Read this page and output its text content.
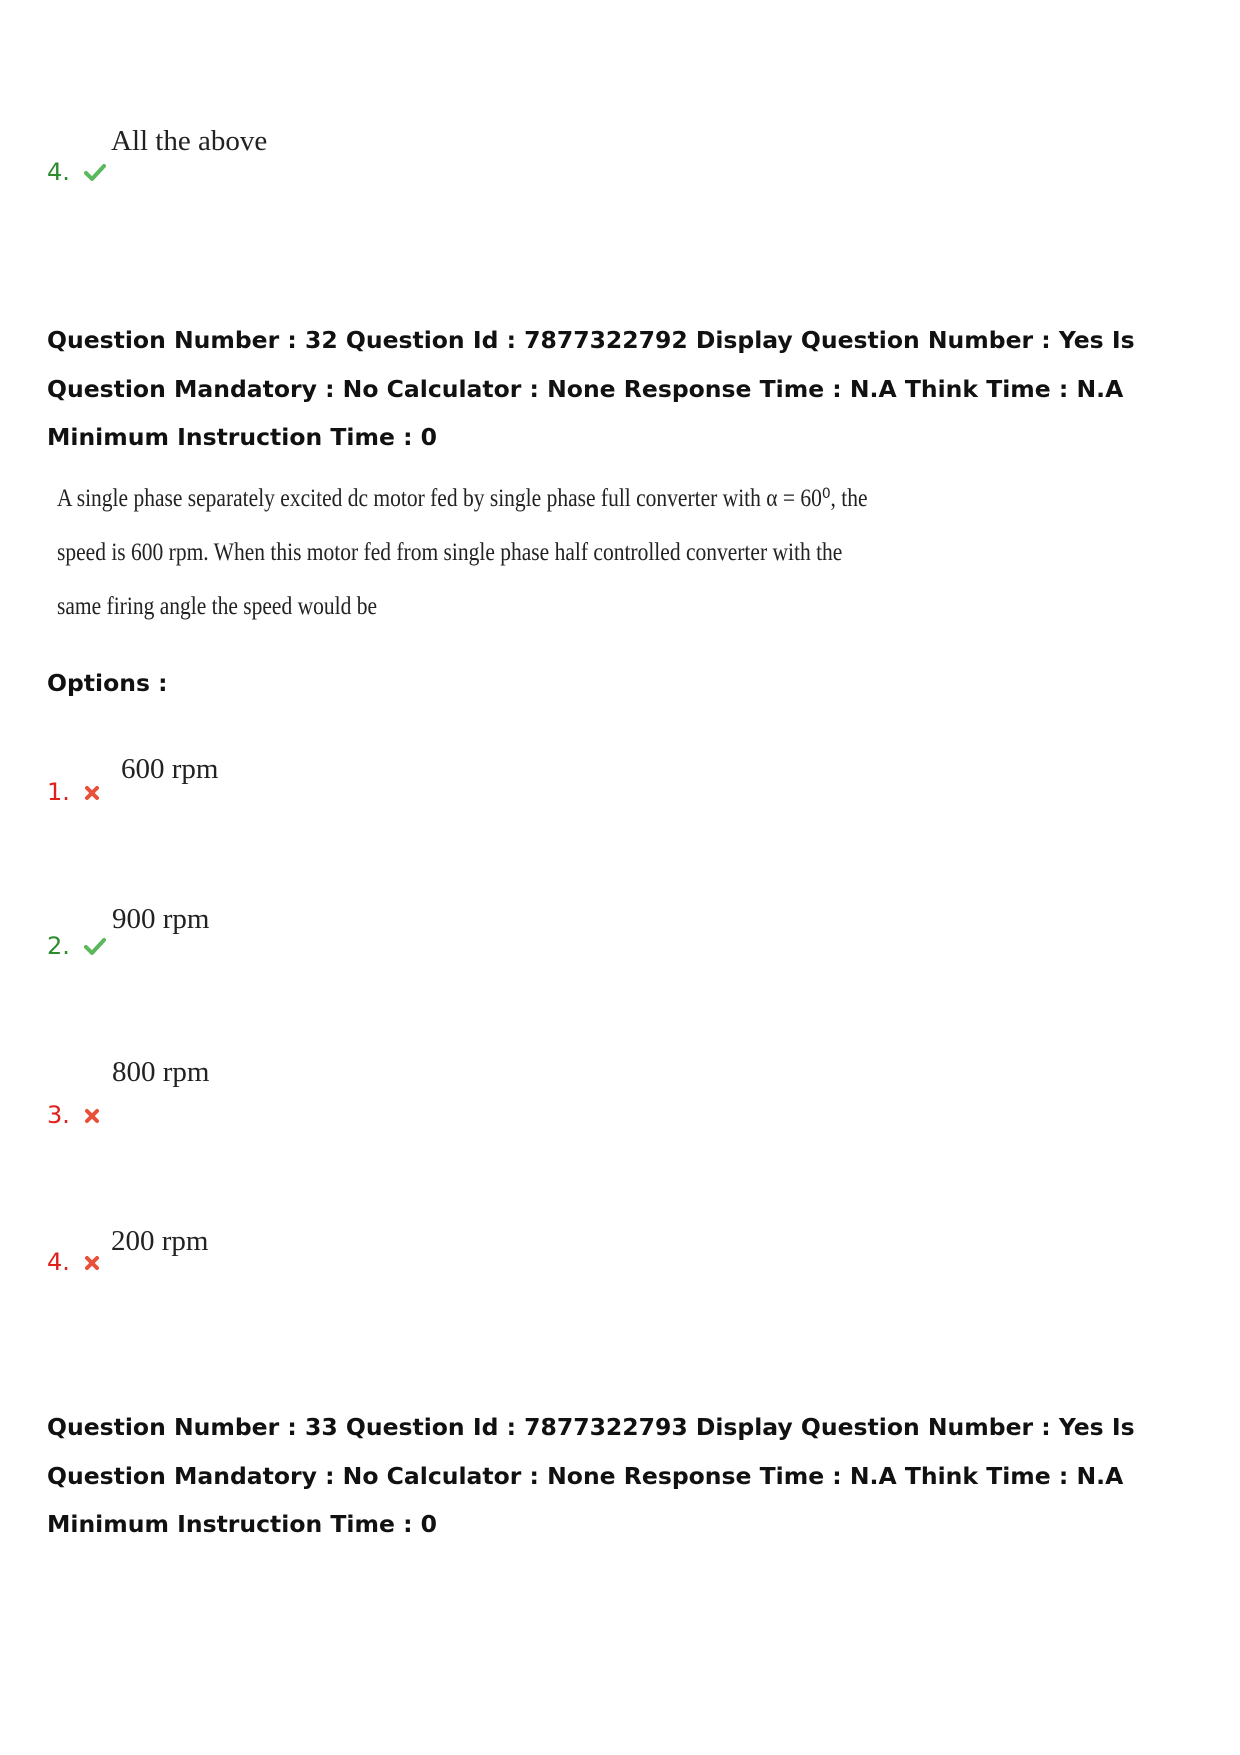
All the above
4.
Question Number : 32 Question Id : 7877322792 Display Question Number : Yes Is Question Mandatory : No Calculator : None Response Time : N.A Think Time : N.A Minimum Instruction Time : 0
A single phase separately excited dc motor fed by single phase full converter with α = 60⁰, the
speed is 600 rpm. When this motor fed from single phase half controlled converter with the
same firing angle the speed would be
Options :
600 rpm
1.
900 rpm
2.
800 rpm
3.
200 rpm
4.
Question Number : 33 Question Id : 7877322793 Display Question Number : Yes Is Question Mandatory : No Calculator : None Response Time : N.A Think Time : N.A Minimum Instruction Time : 0
